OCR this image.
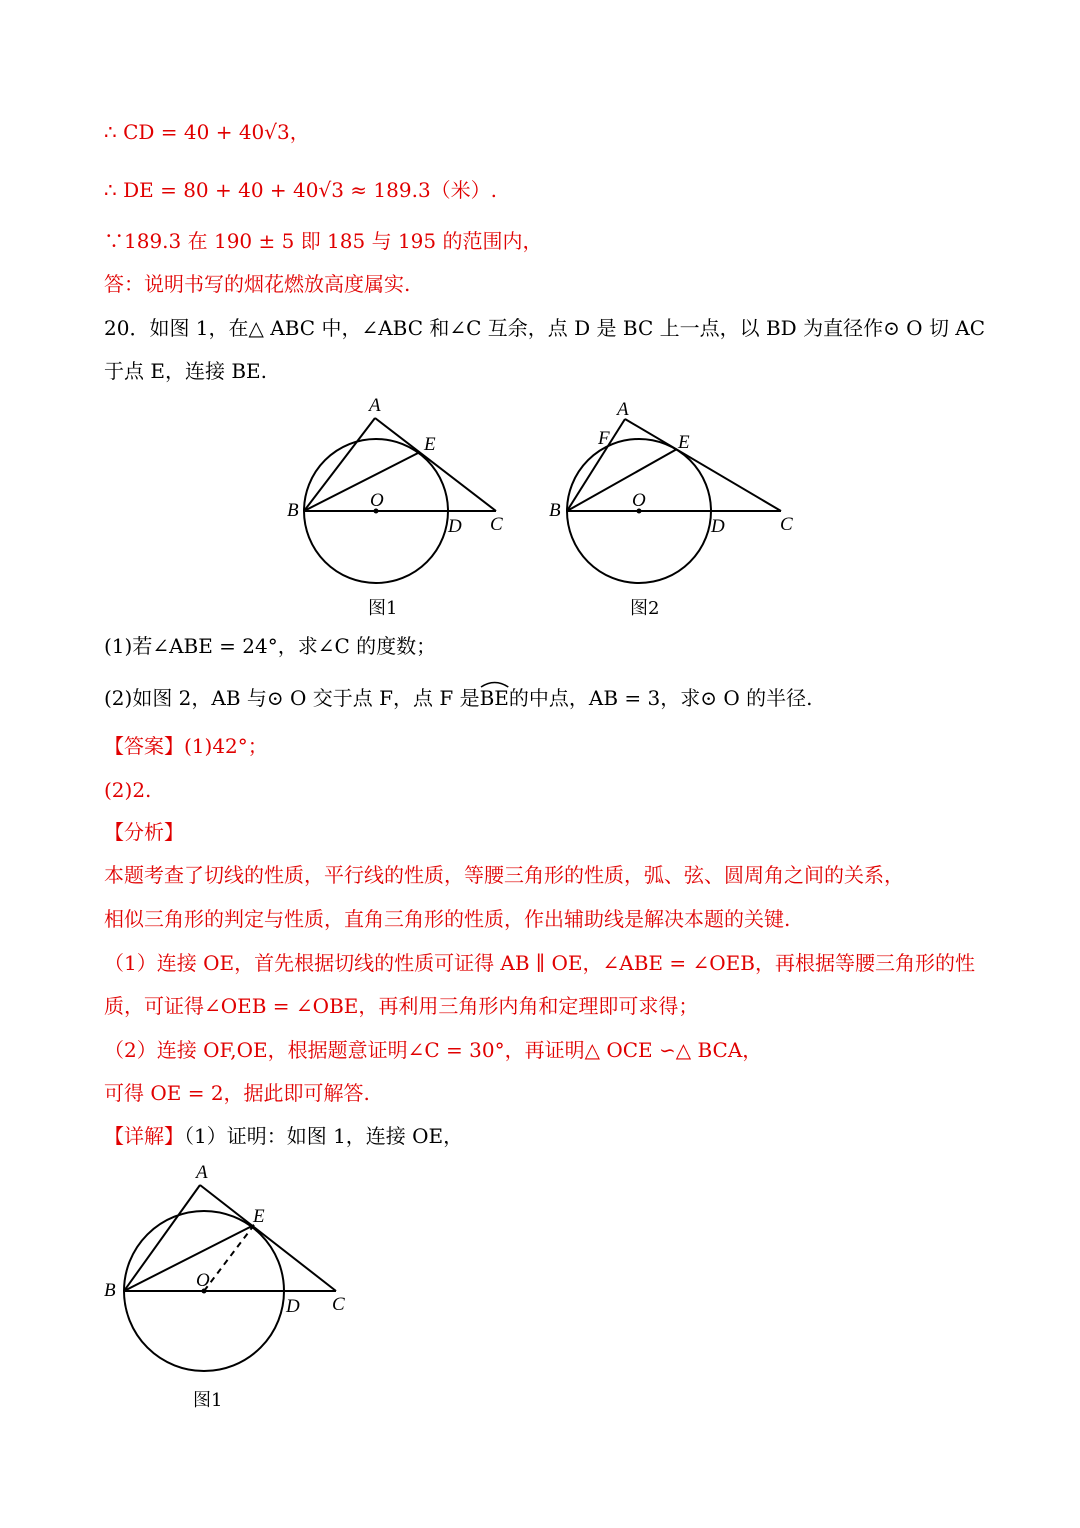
∴ CD = 40 + 40√3，
∴ DE = 80 + 40 + 40√3 ≈ 189.3（米）.
∵189.3 在 190 ± 5 即 185 与 195 的范围内，
答：说明书写的烟花燃放高度属实.
20．如图 1，在△ ABC 中，∠ABC 和∠C 互余，点 D 是 BC 上一点，以 BD 为直径作⊙ O 切 AC
于点 E，连接 BE.
A
B
C
D
E
O
图1
A
F
B
C
D
E
O
图2
(1)若∠ABE = 24°，求∠C 的度数；
(2)如图 2，AB 与⊙ O 交于点 F，点 F 是BE
的中点，AB = 3，求⊙ O 的半径.
【答案】(1)42°；
(2)2.
【分析】
本题考查了切线的性质，平行线的性质，等腰三角形的性质，弧、弦、圆周角之间的关系，
相似三角形的判定与性质，直角三角形的性质，作出辅助线是解决本题的关键.
（1）连接 OE，首先根据切线的性质可证得 AB ∥ OE，∠ABE = ∠OEB，再根据等腰三角形的性
质，可证得∠OEB = ∠OBE，再利用三角形内角和定理即可求得；
（2）连接 OF,OE，根据题意证明∠C = 30°，再证明△ OCE ∽△ BCA，
可得 OE = 2，据此即可解答.
【详解】（1）证明：如图 1，连接 OE，
A
B
C
D
E
O
图1
